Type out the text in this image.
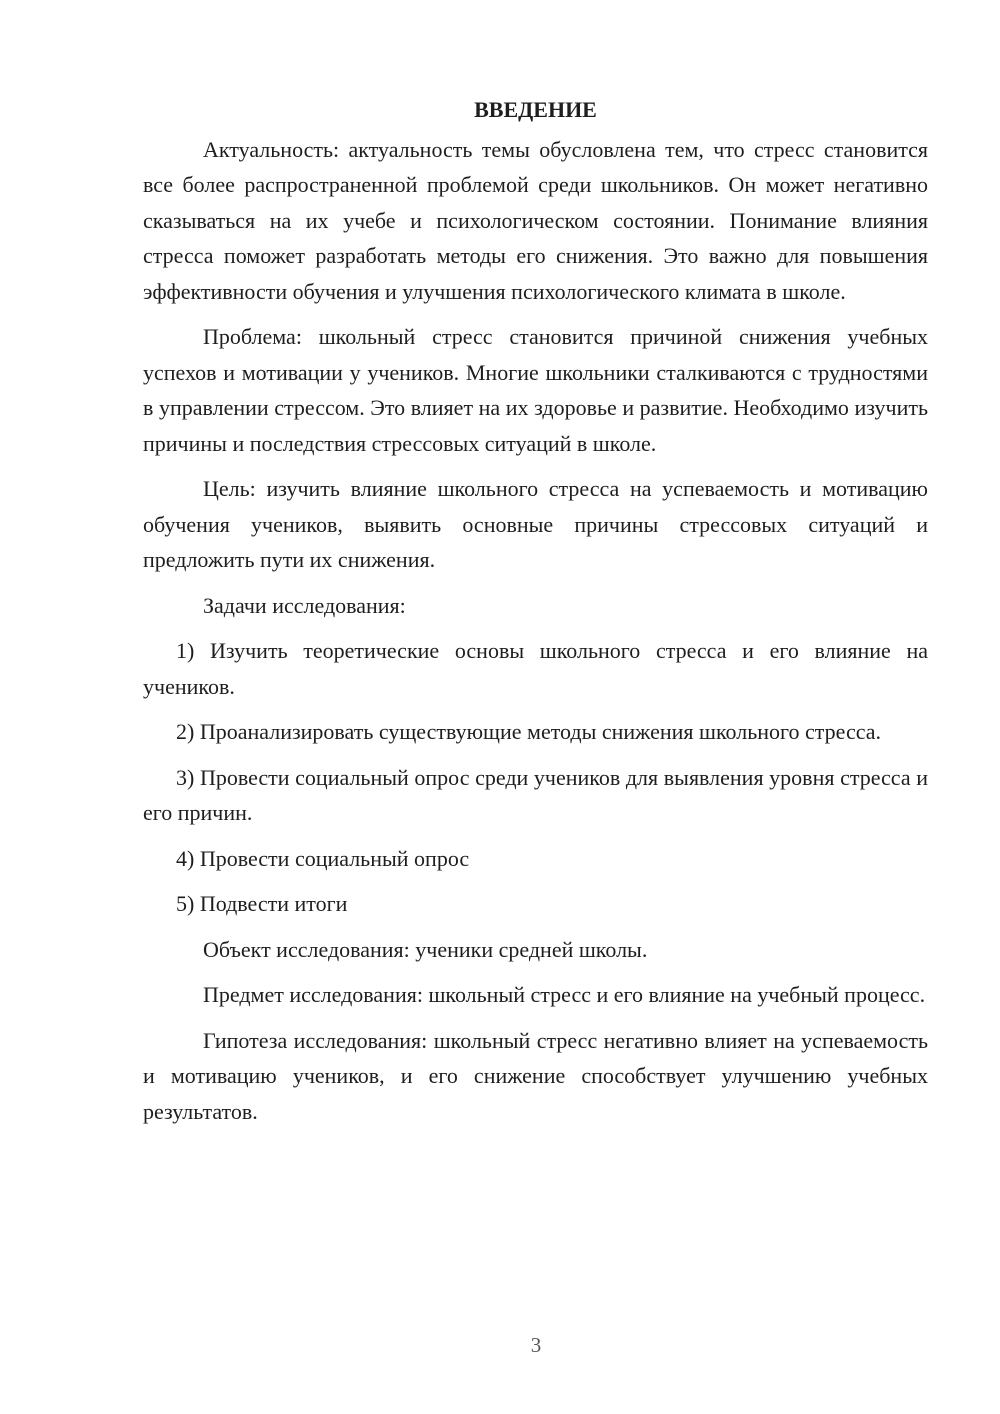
ВВЕДЕНИЕ

Актуальность: актуальность темы обусловлена тем, что стресс становится все более распространенной проблемой среди школьников. Он может негативно сказываться на их учебе и психологическом состоянии. Понимание влияния стресса поможет разработать методы его снижения. Это важно для повышения эффективности обучения и улучшения психологического климата в школе.

Проблема: школьный стресс становится причиной снижения учебных успехов и мотивации у учеников. Многие школьники сталкиваются с трудностями в управлении стрессом. Это влияет на их здоровье и развитие. Необходимо изучить причины и последствия стрессовых ситуаций в школе.

Цель: изучить влияние школьного стресса на успеваемость и мотивацию обучения учеников, выявить основные причины стрессовых ситуаций и предложить пути их снижения.

Задачи исследования:

1) Изучить теоретические основы школьного стресса и его влияние на учеников.

2) Проанализировать существующие методы снижения школьного стресса.

3) Провести социальный опрос среди учеников для выявления уровня стресса и его причин.

4) Провести социальный опрос

5) Подвести итоги

Объект исследования: ученики средней школы.

Предмет исследования: школьный стресс и его влияние на учебный процесс.

Гипотеза исследования: школьный стресс негативно влияет на успеваемость и мотивацию учеников, и его снижение способствует улучшению учебных результатов.

3
